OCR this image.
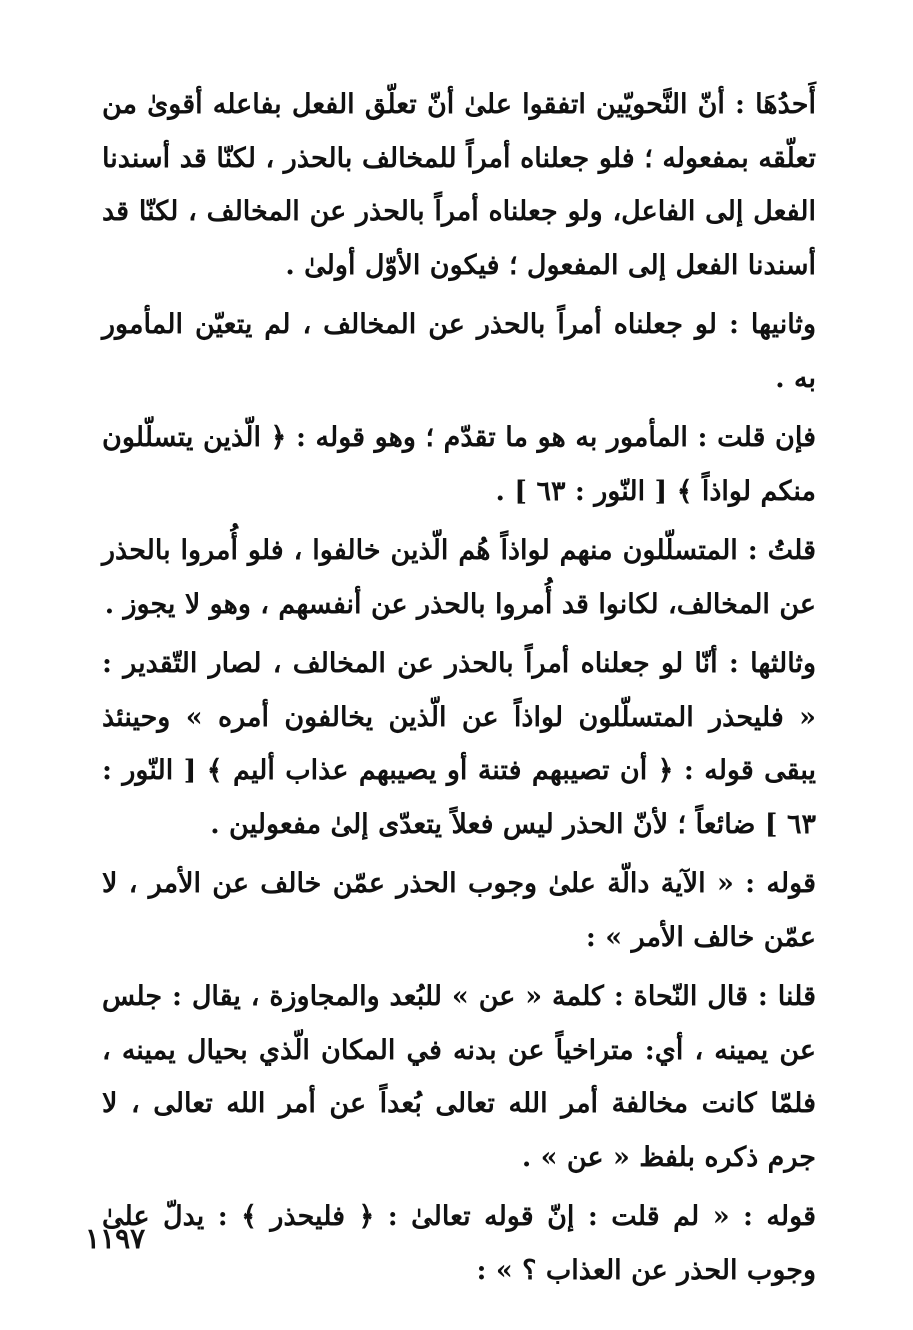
أَحدُهَا : أنّ النَّحويّين اتفقوا علىٰ أنّ تعلّق الفعل بفاعله أقوىٰ من تعلّقه بمفعوله ؛ فلو جعلناه أمراً للمخالف بالحذر ، لكنّا قد أسندنا الفعل إلى الفاعل، ولو جعلناه أمراً بالحذر عن المخالف ، لكنّا قد أسندنا الفعل إلى المفعول ؛ فيكون الأوّل أولىٰ .

وثانيها : لو جعلناه أمراً بالحذر عن المخالف ، لم يتعيّن المأمور به .

فإن قلت : المأمور به هو ما تقدّم ؛ وهو قوله : ﴿ الّذين يتسلّلون منكم لواذاً ﴾ [ النّور : ٦٣ ] .

قلتُ : المتسلّلون منهم لواذاً هُم الّذين خالفوا ، فلو أُمروا بالحذر عن المخالف، لكانوا قد أُمروا بالحذر عن أنفسهم ، وهو لا يجوز .

وثالثها : أنّا لو جعلناه أمراً بالحذر عن المخالف ، لصار التّقدير : « فليحذر المتسلّلون لواذاً عن الّذين يخالفون أمره » وحينئذ يبقى قوله : ﴿ أن تصيبهم فتنة أو يصيبهم عذاب أليم ﴾ [ النّور : ٦٣ ] ضائعاً ؛ لأنّ الحذر ليس فعلاً يتعدّى إلىٰ مفعولين .

قوله : « الآية دالّة علىٰ وجوب الحذر عمّن خالف عن الأمر ، لا عمّن خالف الأمر » :

قلنا : قال النّحاة : كلمة « عن » للبُعد والمجاوزة ، يقال : جلس عن يمينه ، أي: متراخياً عن بدنه في المكان الّذي بحيال يمينه ، فلمّا كانت مخالفة أمر الله تعالى بُعداً عن أمر الله تعالى ، لا جرم ذكره بلفظ « عن » .

قوله : « لم قلت : إنّ قوله تعالىٰ : ﴿ فليحذر ﴾ : يدلّ علىٰ وجوب الحذر عن العذاب ؟ » :

١١٩٧
